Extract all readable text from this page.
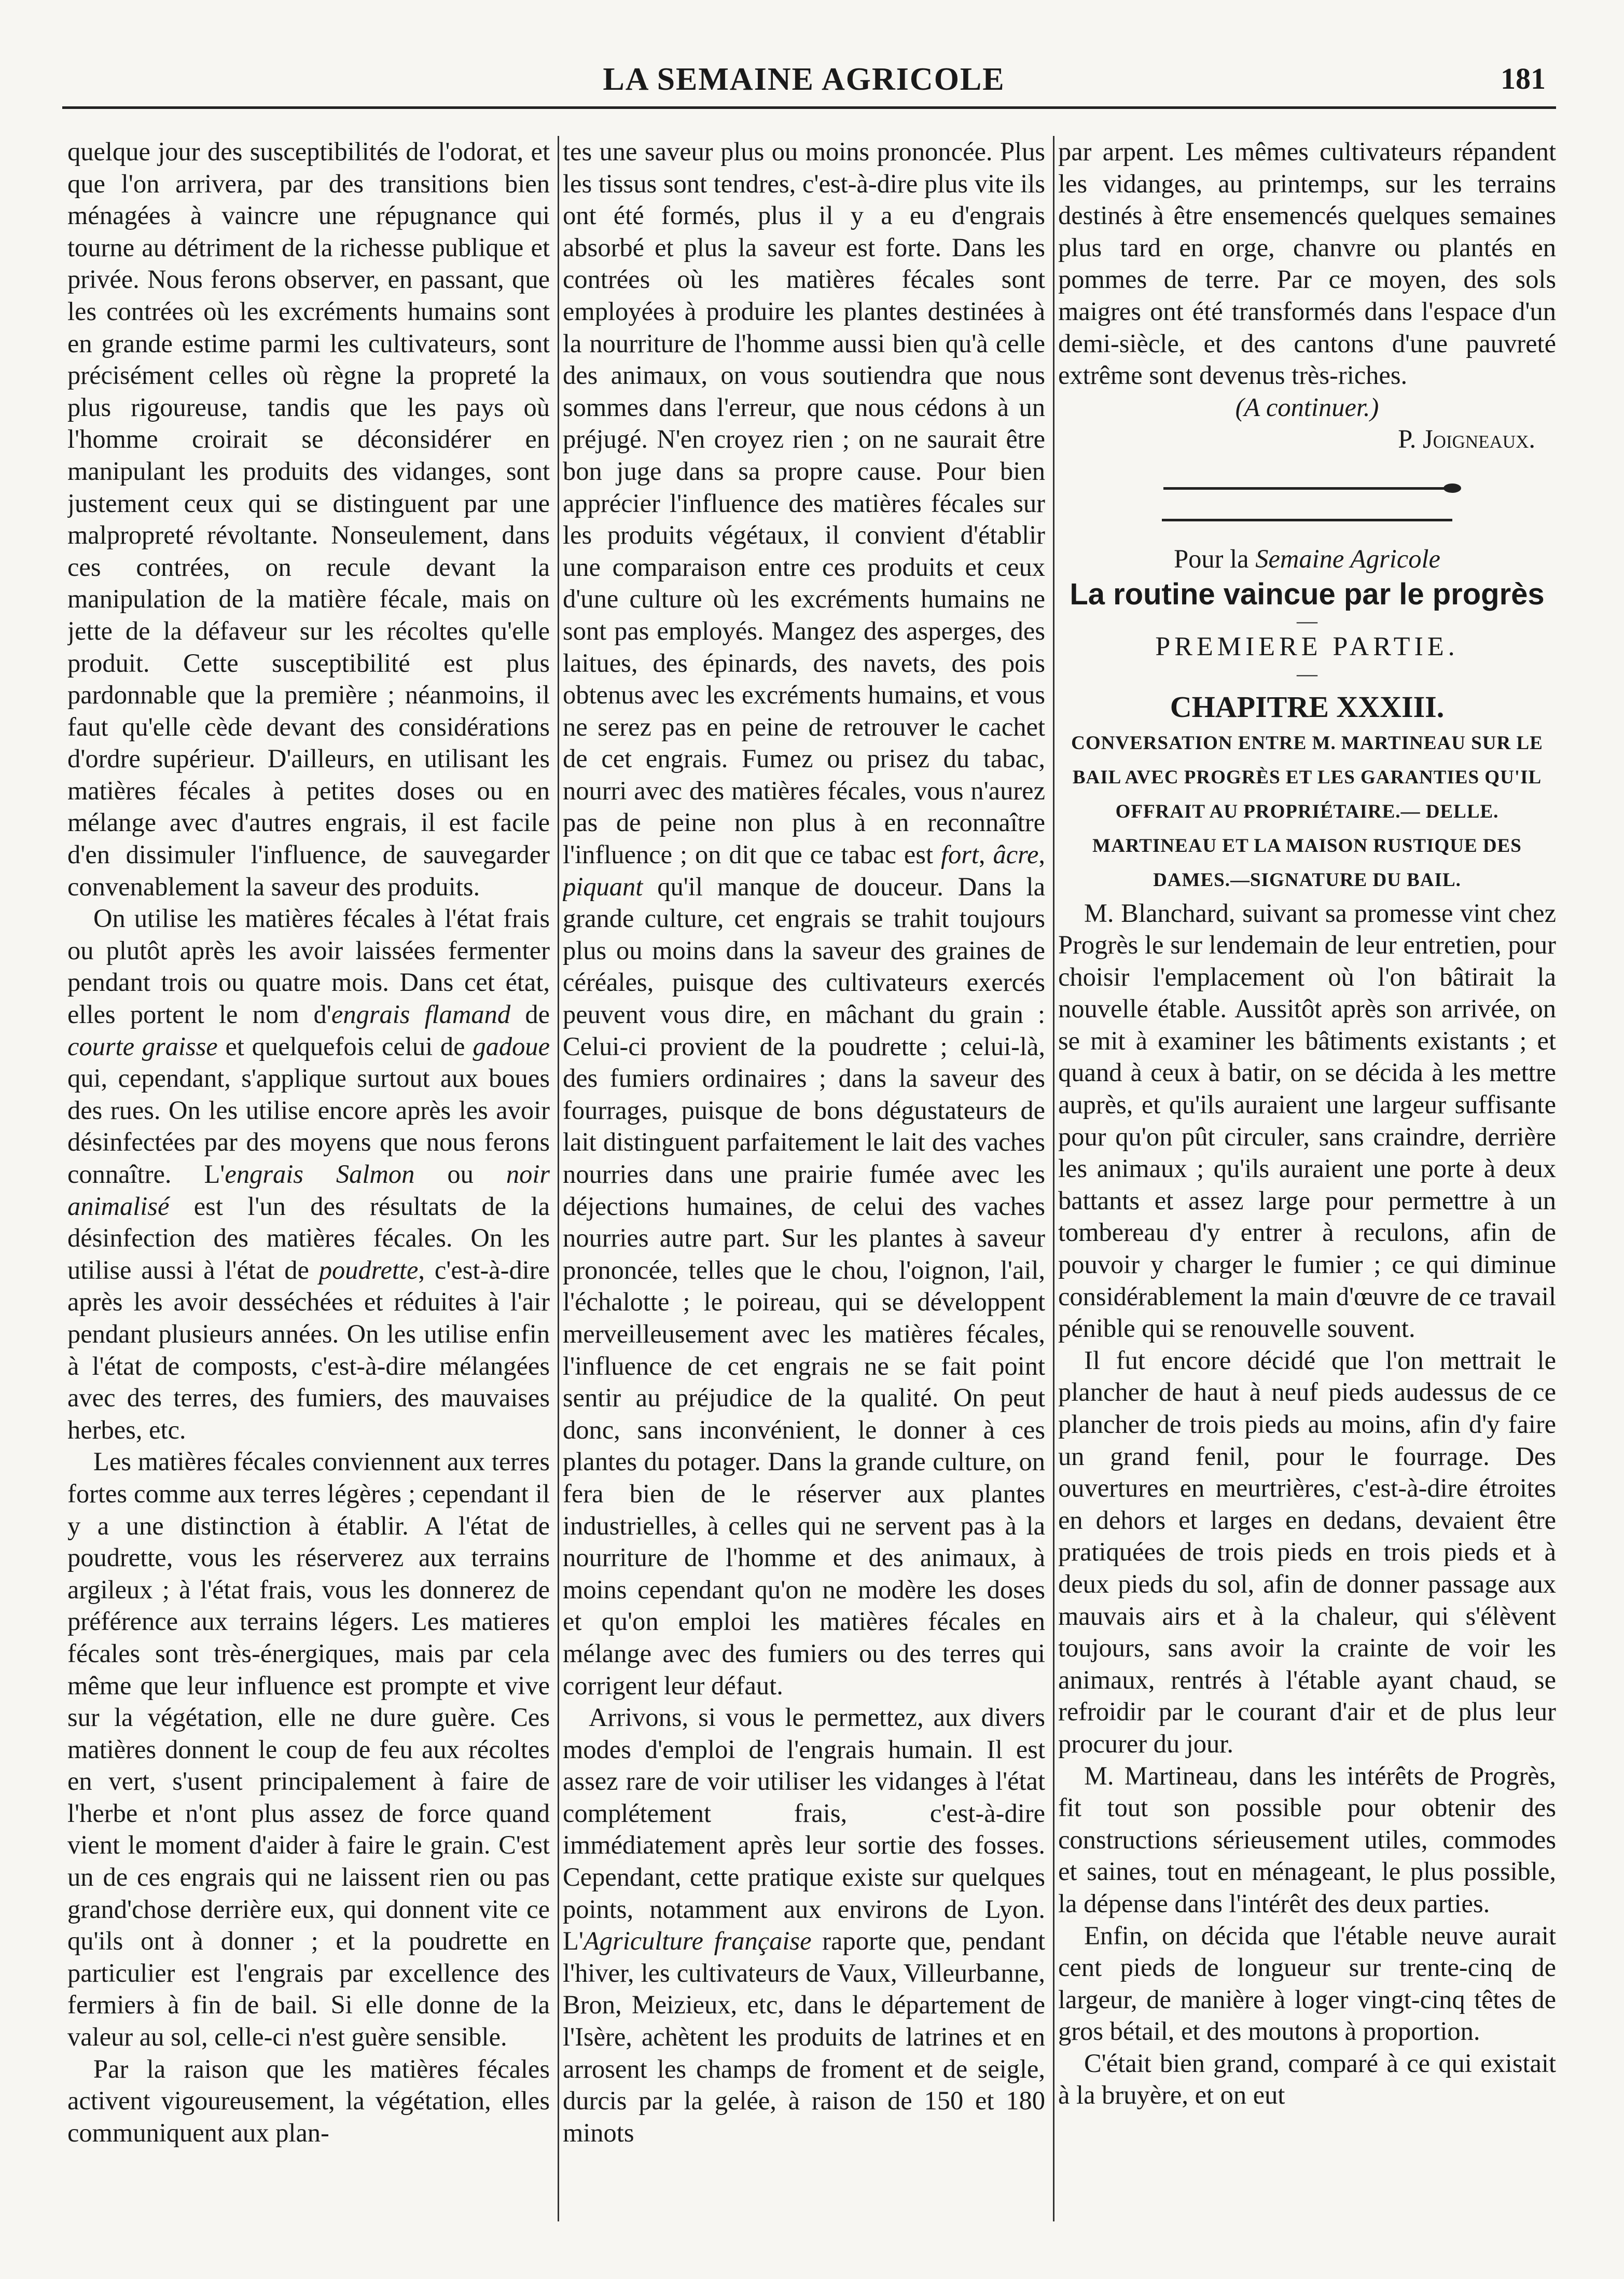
LA SEMAINE AGRICOLE	181

quelque jour des susceptibilités de l'odorat, et que l'on arrivera, par des transitions bien ménagées à vaincre une répugnance qui tourne au détriment de la richesse publique et privée. Nous ferons observer, en passant, que les contrées où les excréments humains sont en grande estime parmi les cultivateurs, sont précisément celles où règne la propreté la plus rigoureuse, tandis que les pays où l'homme croirait se déconsidérer en manipulant les produits des vidanges, sont justement ceux qui se distinguent par une malpropreté révoltante. Nonseulement, dans ces contrées, on recule devant la manipulation de la matière fécale, mais on jette de la défaveur sur les récoltes qu'elle produit. Cette susceptibilité est plus pardonnable que la première ; néanmoins, il faut qu'elle cède devant des considérations d'ordre supérieur. D'ailleurs, en utilisant les matières fécales à petites doses ou en mélange avec d'autres engrais, il est facile d'en dissimuler l'influence, de sauvegarder convenablement la saveur des produits.

On utilise les matières fécales à l'état frais ou plutôt après les avoir laissées fermenter pendant trois ou quatre mois. Dans cet état, elles portent le nom d'engrais flamand de courte graisse et quelquefois celui de gadoue qui, cependant, s'applique surtout aux boues des rues. On les utilise encore après les avoir désinfectées par des moyens que nous ferons connaître. L'engrais Salmon ou noir animalisé est l'un des résultats de la désinfection des matières fécales. On les utilise aussi à l'état de poudrette, c'est-à-dire après les avoir desséchées et réduites à l'air pendant plusieurs années. On les utilise enfin à l'état de composts, c'est-à-dire mélangées avec des terres, des fumiers, des mauvaises herbes, etc.

Les matières fécales conviennent aux terres fortes comme aux terres légères ; cependant il y a une distinction à établir. A l'état de poudrette, vous les réserverez aux terrains argileux ; à l'état frais, vous les donnerez de préférence aux terrains légers. Les matieres fécales sont très-énergiques, mais par cela même que leur influence est prompte et vive sur la végétation, elle ne dure guère. Ces matières donnent le coup de feu aux récoltes en vert, s'usent principalement à faire de l'herbe et n'ont plus assez de force quand vient le moment d'aider à faire le grain. C'est un de ces engrais qui ne laissent rien ou pas grand'chose derrière eux, qui donnent vite ce qu'ils ont à donner ; et la poudrette en particulier est l'engrais par excellence des fermiers à fin de bail. Si elle donne de la valeur au sol, celle-ci n'est guère sensible.

Par la raison que les matières fécales activent vigoureusement, la végétation, elles communiquent aux plan-

tes une saveur plus ou moins prononcée. Plus les tissus sont tendres, c'est-à-dire plus vite ils ont été formés, plus il y a eu d'engrais absorbé et plus la saveur est forte. Dans les contrées où les matières fécales sont employées à produire les plantes destinées à la nourriture de l'homme aussi bien qu'à celle des animaux, on vous soutiendra que nous sommes dans l'erreur, que nous cédons à un préjugé. N'en croyez rien ; on ne saurait être bon juge dans sa propre cause. Pour bien apprécier l'influence des matières fécales sur les produits végétaux, il convient d'établir une comparaison entre ces produits et ceux d'une culture où les excréments humains ne sont pas employés. Mangez des asperges, des laitues, des épinards, des navets, des pois obtenus avec les excréments humains, et vous ne serez pas en peine de retrouver le cachet de cet engrais. Fumez ou prisez du tabac, nourri avec des matières fécales, vous n'aurez pas de peine non plus à en reconnaître l'influence ; on dit que ce tabac est fort, âcre, piquant qu'il manque de douceur. Dans la grande culture, cet engrais se trahit toujours plus ou moins dans la saveur des graines de céréales, puisque des cultivateurs exercés peuvent vous dire, en mâchant du grain : Celui-ci provient de la poudrette ; celui-là, des fumiers ordinaires ; dans la saveur des fourrages, puisque de bons dégustateurs de lait distinguent parfaitement le lait des vaches nourries dans une prairie fumée avec les déjections humaines, de celui des vaches nourries autre part. Sur les plantes à saveur prononcée, telles que le chou, l'oignon, l'ail, l'échalotte ; le poireau, qui se développent merveilleusement avec les matières fécales, l'influence de cet engrais ne se fait point sentir au préjudice de la qualité. On peut donc, sans inconvénient, le donner à ces plantes du potager. Dans la grande culture, on fera bien de le réserver aux plantes industrielles, à celles qui ne servent pas à la nourriture de l'homme et des animaux, à moins cependant qu'on ne modère les doses et qu'on emploi les matières fécales en mélange avec des fumiers ou des terres qui corrigent leur défaut.

Arrivons, si vous le permettez, aux divers modes d'emploi de l'engrais humain. Il est assez rare de voir utiliser les vidanges à l'état complétement frais, c'est-à-dire immédiatement après leur sortie des fosses. Cependant, cette pratique existe sur quelques points, notamment aux environs de Lyon. L'Agriculture française raporte que, pendant l'hiver, les cultivateurs de Vaux, Villeurbanne, Bron, Meizieux, etc, dans le département de l'Isère, achètent les produits de latrines et en arrosent les champs de froment et de seigle, durcis par la gelée, à raison de 150 et 180 minots

par arpent. Les mêmes cultivateurs répandent les vidanges, au printemps, sur les terrains destinés à être ensemencés quelques semaines plus tard en orge, chanvre ou plantés en pommes de terre. Par ce moyen, des sols maigres ont été transformés dans l'espace d'un demi-siècle, et des cantons d'une pauvreté extrême sont devenus très-riches.

(A continuer.)

P. Joigneaux.

Pour la Semaine Agricole

La routine vaincue par le progrès

—

PREMIERE PARTIE.

—

CHAPITRE XXXIII.

CONVERSATION ENTRE M. MARTINEAU SUR LE BAIL AVEC PROGRÈS ET LES GARANTIES QU'IL OFFRAIT AU PROPRIÉTAIRE.— DELLE. MARTINEAU ET LA MAISON RUSTIQUE DES DAMES.—SIGNATURE DU BAIL.

M. Blanchard, suivant sa promesse vint chez Progrès le sur lendemain de leur entretien, pour choisir l'emplacement où l'on bâtirait la nouvelle étable. Aussitôt après son arrivée, on se mit à examiner les bâtiments existants ; et quand à ceux à batir, on se décida à les mettre auprès, et qu'ils auraient une largeur suffisante pour qu'on pût circuler, sans craindre, derrière les animaux ; qu'ils auraient une porte à deux battants et assez large pour permettre à un tombereau d'y entrer à reculons, afin de pouvoir y charger le fumier ; ce qui diminue considérablement la main d'œuvre de ce travail pénible qui se renouvelle souvent.

Il fut encore décidé que l'on mettrait le plancher de haut à neuf pieds audessus de ce plancher de trois pieds au moins, afin d'y faire un grand fenil, pour le fourrage. Des ouvertures en meurtrières, c'est-à-dire étroites en dehors et larges en dedans, devaient être pratiquées de trois pieds en trois pieds et à deux pieds du sol, afin de donner passage aux mauvais airs et à la chaleur, qui s'élèvent toujours, sans avoir la crainte de voir les animaux, rentrés à l'étable ayant chaud, se refroidir par le courant d'air et de plus leur procurer du jour.

M. Martineau, dans les intérêts de Progrès, fit tout son possible pour obtenir des constructions sérieusement utiles, commodes et saines, tout en ménageant, le plus possible, la dépense dans l'intérêt des deux parties.

Enfin, on décida que l'étable neuve aurait cent pieds de longueur sur trente-cinq de largeur, de manière à loger vingt-cinq têtes de gros bétail, et des moutons à proportion.

C'était bien grand, comparé à ce qui existait à la bruyère, et on eut
